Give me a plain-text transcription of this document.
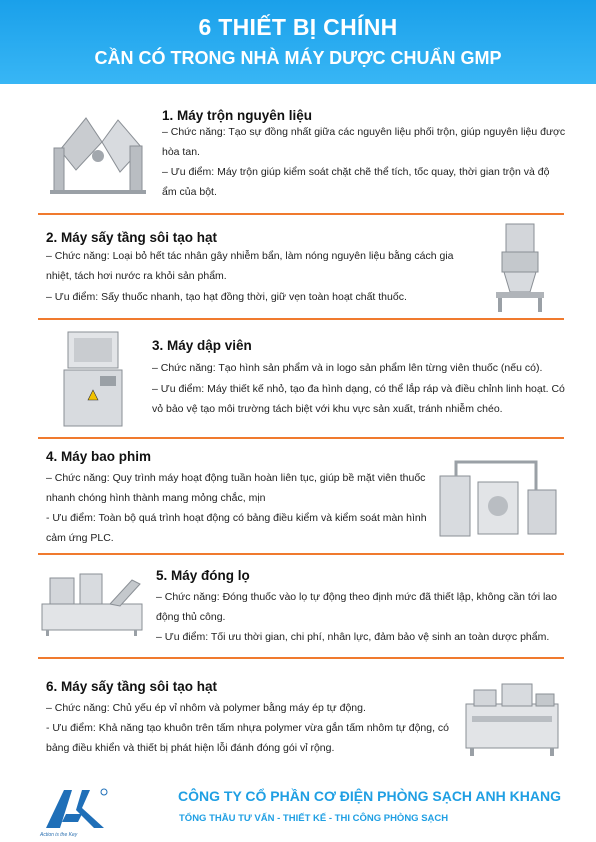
6 THIẾT BỊ CHÍNH
CẦN CÓ TRONG NHÀ MÁY DƯỢC CHUẨN GMP
1. Máy trộn nguyên liệu
– Chức năng: Tạo sự đồng nhất giữa các nguyên liệu phối trộn, giúp nguyên liệu được hòa tan.
– Ưu điểm: Máy trộn giúp kiểm soát chặt chẽ thể tích, tốc quay, thời gian trộn và độ ẩm của bột.
2. Máy sấy tầng sôi tạo hạt
– Chức năng: Loại bỏ hết tác nhân gây nhiễm bẩn, làm nóng nguyên liệu bằng cách gia nhiệt, tách hơi nước ra khỏi sản phẩm.
– Ưu điểm: Sấy thuốc nhanh, tạo hạt đồng thời, giữ vẹn toàn hoạt chất thuốc.
3. Máy dập viên
– Chức năng: Tạo hình sản phẩm và in logo sản phẩm lên từng viên thuốc (nếu có).
– Ưu điểm: Máy thiết kế nhỏ, tạo đa hình dạng, có thể lắp ráp và điều chỉnh linh hoạt. Có vỏ bảo vệ tạo môi trường tách biệt với khu vực sản xuất, tránh nhiễm chéo.
4. Máy bao phim
– Chức năng: Quy trình máy hoạt động tuần hoàn liên tục, giúp bề mặt viên thuốc nhanh chóng hình thành mang mỏng chắc, mịn
- Ưu điểm: Toàn bộ quá trình hoạt động có bảng điều kiểm và kiểm soát màn hình cảm ứng PLC.
5. Máy đóng lọ
– Chức năng: Đóng thuốc vào lọ tự động theo định mức đã thiết lập, không cần tới lao động thủ công.
– Ưu điểm: Tối ưu thời gian, chi phí, nhân lực, đảm bảo vệ sinh an toàn dược phẩm.
6. Máy sấy tầng sôi tạo hạt
– Chức năng: Chủ yếu ép vỉ nhôm và polymer bằng máy ép tự động.
- Ưu điểm: Khả năng tạo khuôn trên tấm nhựa polymer vừa gắn tấm nhôm tự động, có bảng điều khiển và thiết bị phát hiện lỗi đánh đóng gói vỉ rộng.
Action is the Key
CÔNG TY CỔ PHẦN CƠ ĐIỆN PHÒNG SẠCH ANH KHANG
TỔNG THẦU TƯ VẤN - THIẾT KẾ - THI CÔNG PHÒNG SẠCH
